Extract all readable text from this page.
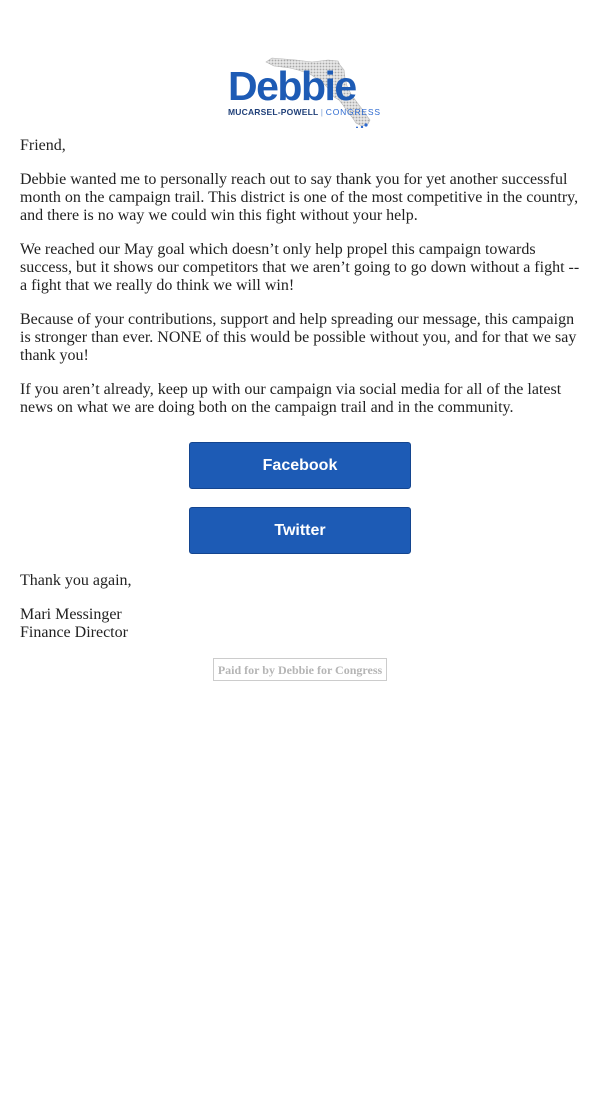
Debbie
MUCARSEL-POWELL | CONGRESS

Friend,

Debbie wanted me to personally reach out to say thank you for yet another successful month on the campaign trail. This district is one of the most competitive in the country, and there is no way we could win this fight without your help.

We reached our May goal which doesn’t only help propel this campaign towards success, but it shows our competitors that we aren’t going to go down without a fight -- a fight that we really do think we will win!

Because of your contributions, support and help spreading our message, this campaign is stronger than ever. NONE of this would be possible without you, and for that we say thank you!

If you aren’t already, keep up with our campaign via social media for all of the latest news on what we are doing both on the campaign trail and in the community.

Facebook
Twitter

Thank you again,

Mari Messinger
Finance Director
Paid for by Debbie for Congress
